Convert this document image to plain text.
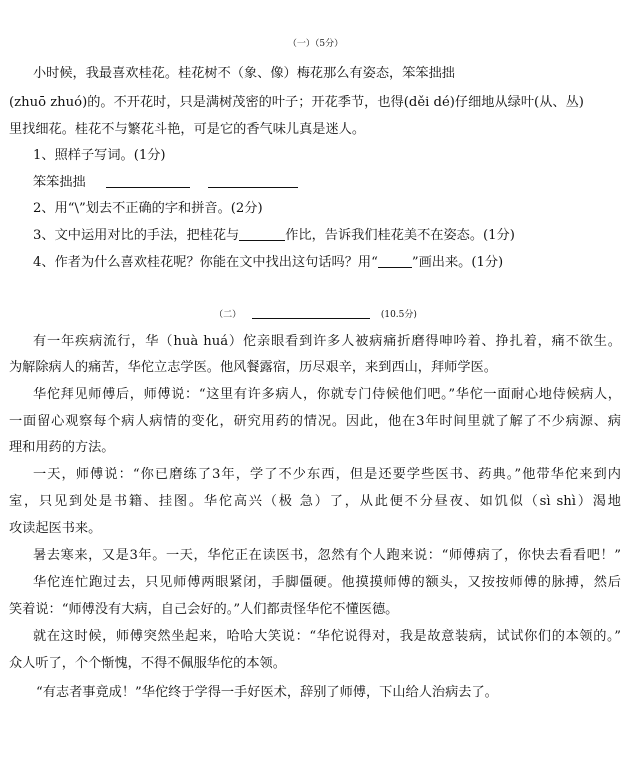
（一）（5分）
小时候，我最喜欢桂花。桂花树不（象、像）梅花那么有姿态，笨笨拙拙
(zhuō zhuó)的。不开花时，只是满树茂密的叶子；开花季节，也得(děi dé)仔细地从绿叶(从、丛)
里找细花。桂花不与繁花斗艳，可是它的香气味儿真是迷人。
1、照样子写词。(1分)
笨笨拙拙
2、用“\”划去不正确的字和拼音。(2分)
3、文中运用对比的手法，把桂花与	作比，告诉我们桂花美不在姿态。(1分)
4、作者为什么喜欢桂花呢？你能在文中找出这句话吗？用“	”画出来。(1分)
（二）	(10.5分)
有一年疾病流行，华（huà huá）佗亲眼看到许多人被病痛折磨得呻吟着、挣扎着，痛不欲生。
为解除病人的痛苦，华佗立志学医。他风餐露宿，历尽艰辛，来到西山，拜师学医。
华佗拜见师傅后，师傅说：“这里有许多病人，你就专门侍候他们吧。”华佗一面耐心地侍候病人，
一面留心观察每个病人病情的变化，研究用药的情况。因此，他在3年时间里就了解了不少病源、病
理和用药的方法。
一天，师傅说：“你已磨练了3年，学了不少东西，但是还要学些医书、药典。”他带华佗来到内
室，只见到处是书籍、挂图。华佗高兴（极 急）了，从此便不分昼夜、如饥似（sì shì）渴地
攻读起医书来。
暑去寒来，又是3年。一天，华佗正在读医书，忽然有个人跑来说：“师傅病了，你快去看看吧！”
华佗连忙跑过去，只见师傅两眼紧闭，手脚僵硬。他摸摸师傅的额头，又按按师傅的脉搏，然后
笑着说：“师傅没有大病，自己会好的。”人们都责怪华佗不懂医德。
就在这时候，师傅突然坐起来，哈哈大笑说：“华佗说得对，我是故意装病，试试你们的本领的。”
众人听了，个个惭愧，不得不佩服华佗的本领。
“有志者事竟成！”华佗终于学得一手好医术，辞别了师傅，下山给人治病去了。
